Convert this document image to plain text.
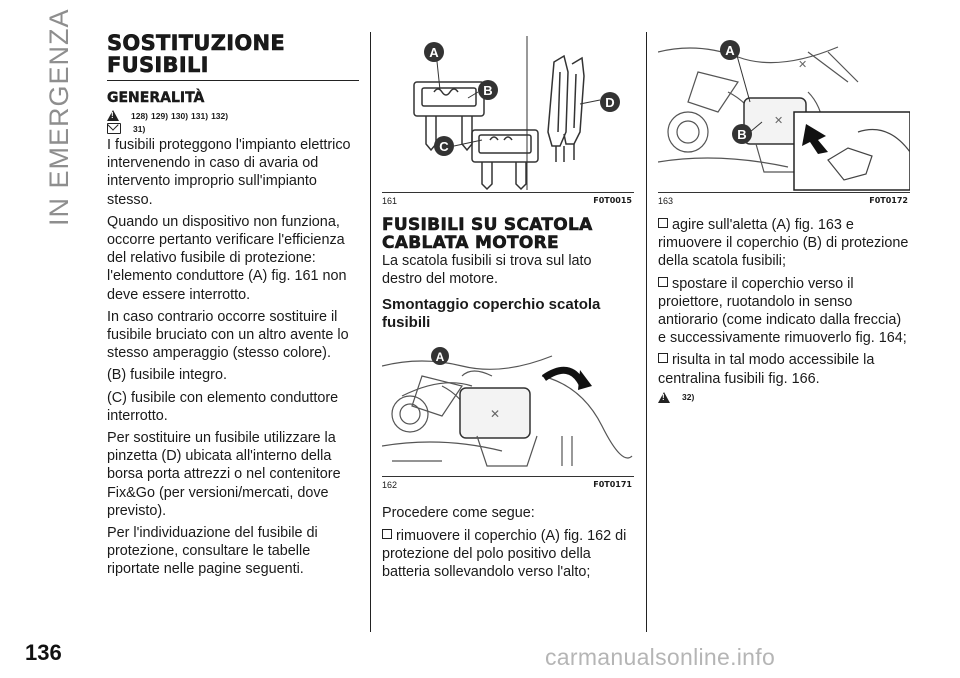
IN EMERGENZA
136	carmanualsonline.info
SOSTITUZIONE
FUSIBILI
GENERALITÀ
!
128) 129) 130) 131) 132)
31)

I fusibili proteggono l'impianto elettrico intervenendo in caso di avaria od intervento improprio sull'impianto stesso.

Quando un dispositivo non funziona, occorre pertanto verificare l'efficienza del relativo fusibile di protezione: l'elemento conduttore (A) fig. 161 non deve essere interrotto.

In caso contrario occorre sostituire il fusibile bruciato con un altro avente lo stesso amperaggio (stesso colore).

(B) fusibile integro.

(C) fusibile con elemento conduttore interrotto.

Per sostituire un fusibile utilizzare la pinzetta (D) ubicata all'interno della borsa porta attrezzi o nel contenitore Fix&Go (per versioni/mercati, dove previsto).

Per l'individuazione del fusibile di protezione, consultare le tabelle riportate nelle pagine seguenti.

A
B
C
D
161	F0T0015
FUSIBILI SU SCATOLA
CABLATA MOTORE

La scatola fusibili si trova sul lato destro del motore.

Smontaggio coperchio scatola fusibili
✕
A
162	F0T0171

Procedere come segue:

rimuovere il coperchio (A) fig. 162 di protezione del polo positivo della batteria sollevandolo verso l'alto;

✕
✕
A
B
163	F0T0172

agire sull'aletta (A) fig. 163 e rimuovere il coperchio (B) di protezione della scatola fusibili;

spostare il coperchio verso il proiettore, ruotandolo in senso antiorario (come indicato dalla freccia) e successivamente rimuoverlo fig. 164;

risulta in tal modo accessibile la centralina fusibili fig. 166.

!
32)
